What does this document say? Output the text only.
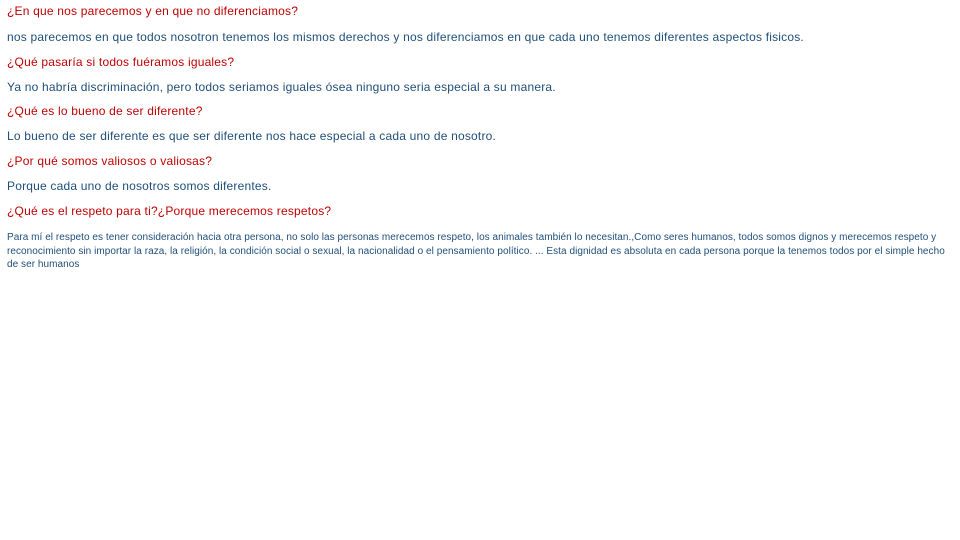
¿En que nos parecemos y en que no diferenciamos?
nos parecemos en que todos nosotron tenemos los mismos derechos y nos diferenciamos en que cada uno tenemos diferentes aspectos fisicos.
¿Qué pasaría si todos fuéramos iguales?
Ya no habría discriminación, pero todos seriamos iguales ósea ninguno seria especial a su manera.
¿Qué es lo bueno de ser diferente?
Lo bueno de ser diferente es que ser diferente nos hace especial a cada uno de nosotro.
¿Por qué somos valiosos o valiosas?
Porque cada uno de nosotros somos diferentes.
¿Qué es el respeto para ti?¿Porque merecemos respetos?
Para mí el respeto es tener consideración hacia otra persona, no solo las personas merecemos respeto, los animales también lo necesitan.,Como seres humanos, todos somos dignos y merecemos respeto y reconocimiento sin importar la raza, la religión, la condición social o sexual, la nacionalidad o el pensamiento político. ... Esta dignidad es absoluta en cada persona porque la tenemos todos por el simple hecho de ser humanos
